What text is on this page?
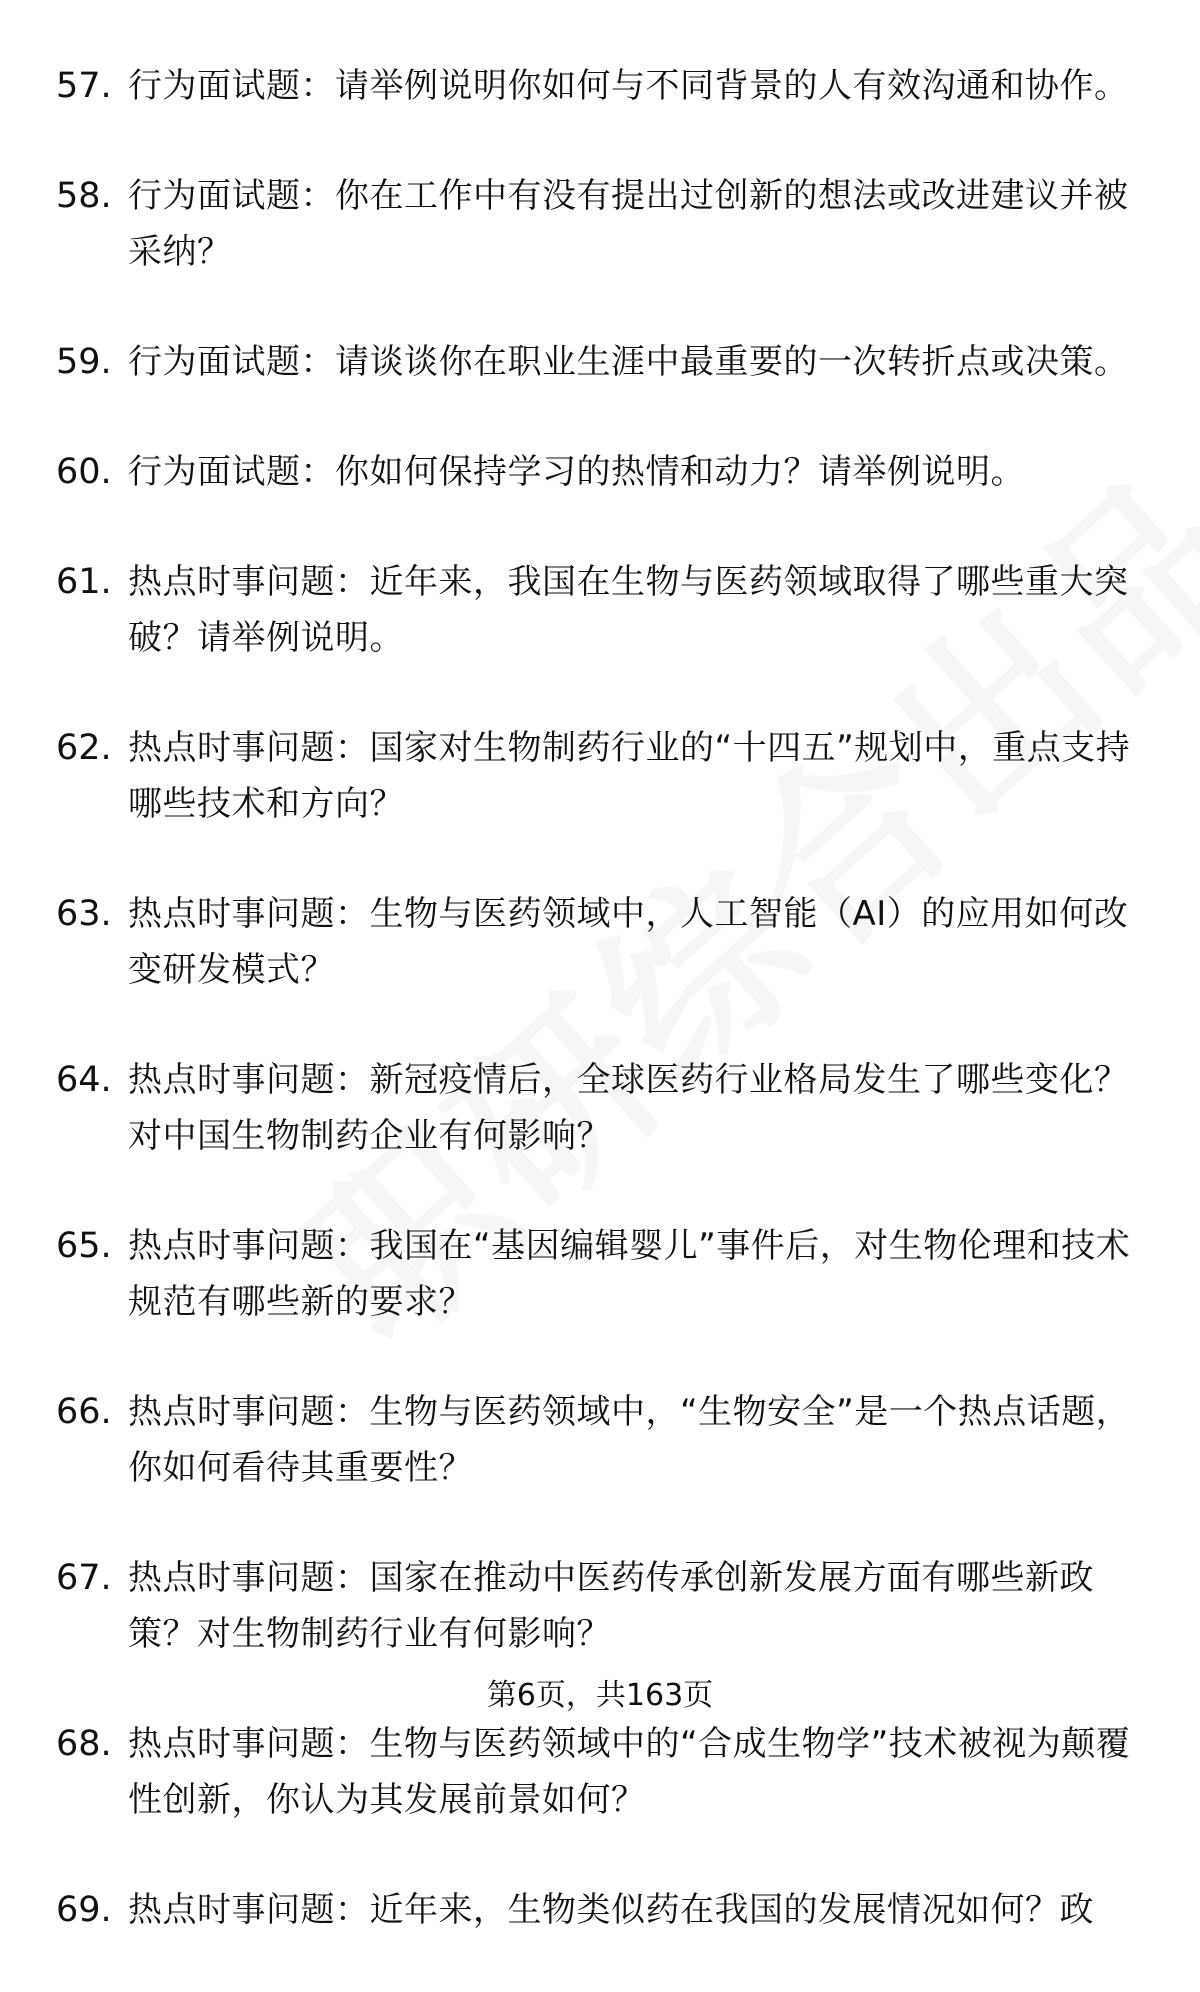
57. 行为面试题：请举例说明你如何与不同背景的人有效沟通和协作。
58. 行为面试题：你在工作中有没有提出过创新的想法或改进建议并被采纳？
59. 行为面试题：请谈谈你在职业生涯中最重要的一次转折点或决策。
60. 行为面试题：你如何保持学习的热情和动力？请举例说明。
61. 热点时事问题：近年来，我国在生物与医药领域取得了哪些重大突破？请举例说明。
62. 热点时事问题：国家对生物制药行业的“十四五”规划中，重点支持哪些技术和方向？
63. 热点时事问题：生物与医药领域中，人工智能（AI）的应用如何改变研发模式？
64. 热点时事问题：新冠疫情后，全球医药行业格局发生了哪些变化？对中国生物制药企业有何影响？
65. 热点时事问题：我国在“基因编辑婴儿”事件后，对生物伦理和技术规范有哪些新的要求？
66. 热点时事问题：生物与医药领域中，“生物安全”是一个热点话题，你如何看待其重要性？
67. 热点时事问题：国家在推动中医药传承创新发展方面有哪些新政策？对生物制药行业有何影响？
68. 热点时事问题：生物与医药领域中的“合成生物学”技术被视为颠覆性创新，你认为其发展前景如何？
69. 热点时事问题：近年来，生物类似药在我国的发展情况如何？政
第6页，共163页
